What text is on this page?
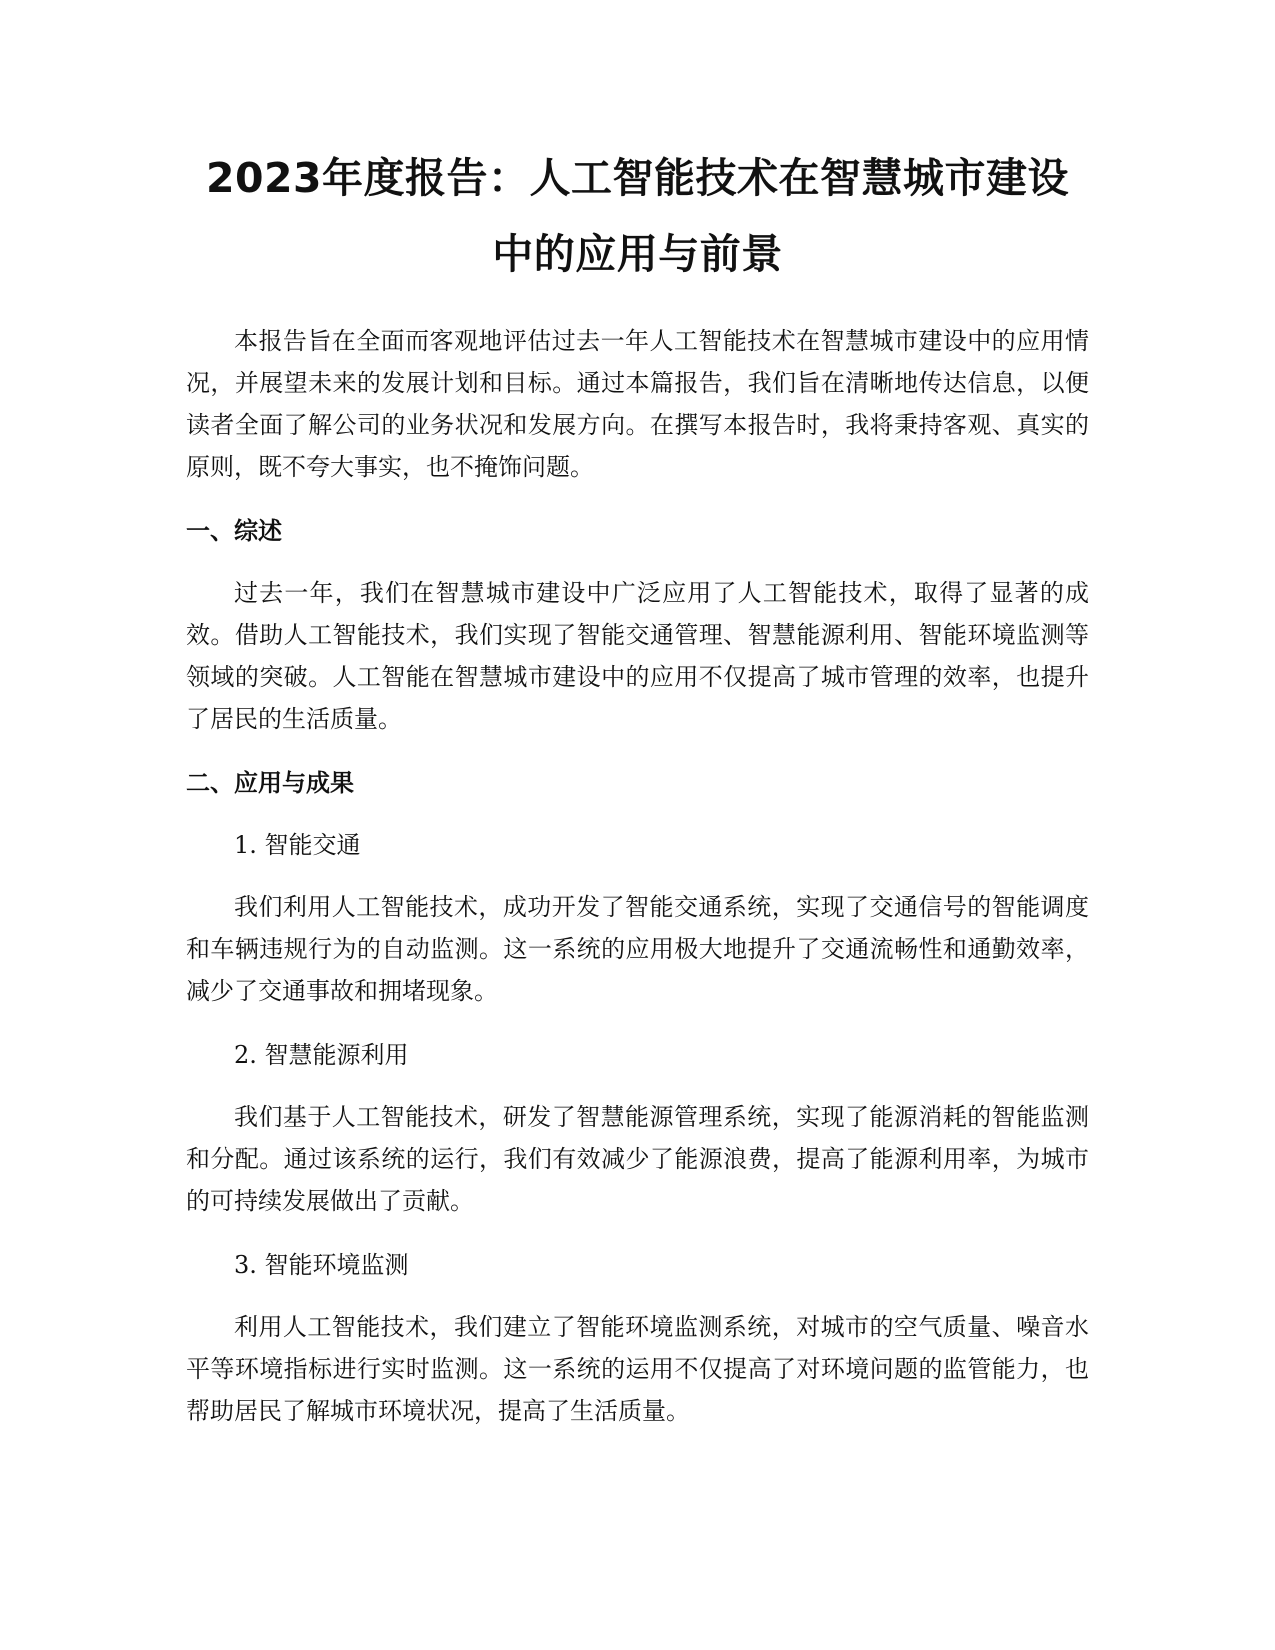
2023年度报告：人工智能技术在智慧城市建设中的应用与前景

本报告旨在全面而客观地评估过去一年人工智能技术在智慧城市建设中的应用情况，并展望未来的发展计划和目标。通过本篇报告，我们旨在清晰地传达信息，以便读者全面了解公司的业务状况和发展方向。在撰写本报告时，我将秉持客观、真实的原则，既不夸大事实，也不掩饰问题。

一、综述

过去一年，我们在智慧城市建设中广泛应用了人工智能技术，取得了显著的成效。借助人工智能技术，我们实现了智能交通管理、智慧能源利用、智能环境监测等领域的突破。人工智能在智慧城市建设中的应用不仅提高了城市管理的效率，也提升了居民的生活质量。

二、应用与成果

1. 智能交通

我们利用人工智能技术，成功开发了智能交通系统，实现了交通信号的智能调度和车辆违规行为的自动监测。这一系统的应用极大地提升了交通流畅性和通勤效率，减少了交通事故和拥堵现象。

2. 智慧能源利用

我们基于人工智能技术，研发了智慧能源管理系统，实现了能源消耗的智能监测和分配。通过该系统的运行，我们有效减少了能源浪费，提高了能源利用率，为城市的可持续发展做出了贡献。

3. 智能环境监测

利用人工智能技术，我们建立了智能环境监测系统，对城市的空气质量、噪音水平等环境指标进行实时监测。这一系统的运用不仅提高了对环境问题的监管能力，也帮助居民了解城市环境状况，提高了生活质量。
